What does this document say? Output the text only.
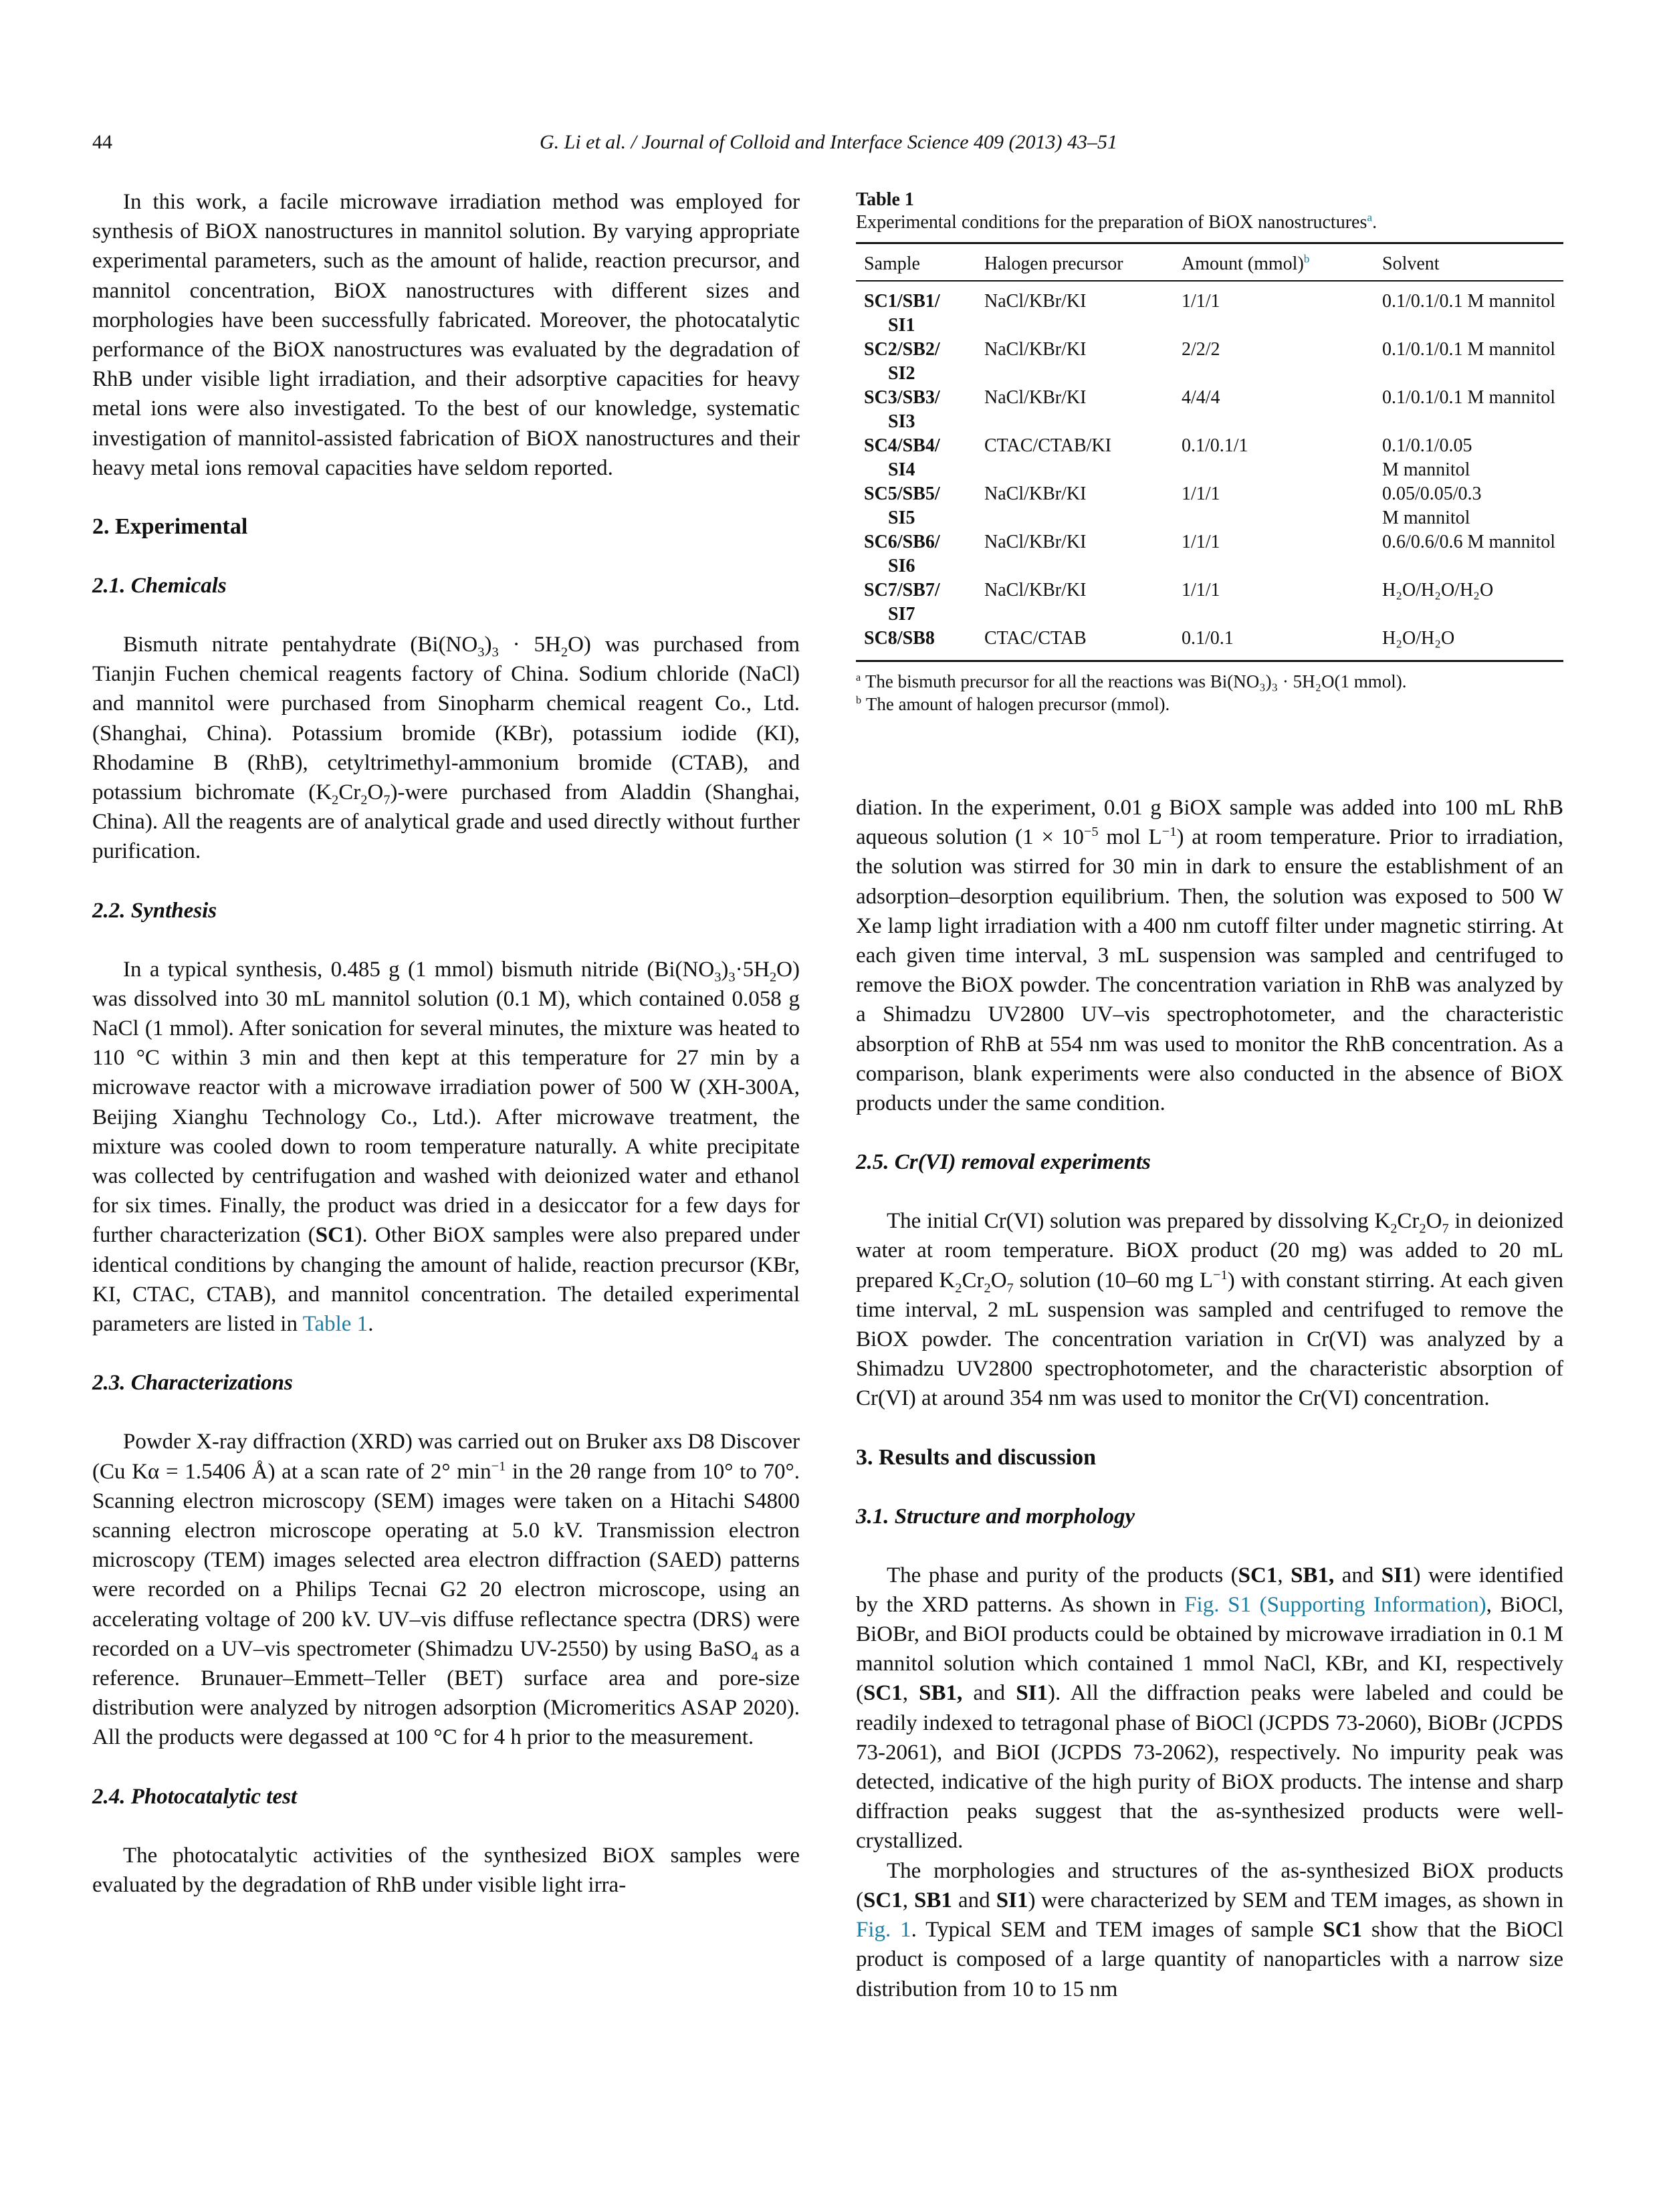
44	G. Li et al. / Journal of Colloid and Interface Science 409 (2013) 43–51

In this work, a facile microwave irradiation method was employed for synthesis of BiOX nanostructures in mannitol solution. By varying appropriate experimental parameters, such as the amount of halide, reaction precursor, and mannitol concentration, BiOX nanostructures with different sizes and morphologies have been successfully fabricated. Moreover, the photocatalytic performance of the BiOX nanostructures was evaluated by the degradation of RhB under visible light irradiation, and their adsorptive capacities for heavy metal ions were also investigated. To the best of our knowledge, systematic investigation of mannitol-assisted fabrication of BiOX nanostructures and their heavy metal ions removal capacities have seldom reported.

2. Experimental
2.1. Chemicals

Bismuth nitrate pentahydrate $(Bi(NO_3)_3 \cdot 5H_2O)$ was purchased from Tianjin Fuchen chemical reagents factory of China. Sodium chloride (NaCl) and mannitol were purchased from Sinopharm chemical reagent Co., Ltd. (Shanghai, China). Potassium bromide (KBr), potassium iodide (KI), Rhodamine B (RhB), cetyltrimethyl-ammonium bromide (CTAB), and potassium bichromate $(K_2Cr_2O_7)$-were purchased from Aladdin (Shanghai, China). All the reagents are of analytical grade and used directly without further purification.

2.2. Synthesis

In a typical synthesis, 0.485 g (1 mmol) bismuth nitride $(Bi(NO_3)_3\cdot 5H_2O)$ was dissolved into 30 mL mannitol solution (0.1 M), which contained 0.058 g NaCl (1 mmol). After sonication for several minutes, the mixture was heated to 110 °C within 3 min and then kept at this temperature for 27 min by a microwave reactor with a microwave irradiation power of 500 W (XH-300A, Beijing Xianghu Technology Co., Ltd.). After microwave treatment, the mixture was cooled down to room temperature naturally. A white precipitate was collected by centrifugation and washed with deionized water and ethanol for six times. Finally, the product was dried in a desiccator for a few days for further characterization (SC1). Other BiOX samples were also prepared under identical conditions by changing the amount of halide, reaction precursor (KBr, KI, CTAC, CTAB), and mannitol concentration. The detailed experimental parameters are listed in Table 1.

2.3. Characterizations

Powder X-ray diffraction (XRD) was carried out on Bruker axs D8 Discover (Cu Kα = 1.5406 Å) at a scan rate of 2° $\min^{-1}$ in the 2θ range from 10° to 70°. Scanning electron microscopy (SEM) images were taken on a Hitachi S4800 scanning electron microscope operating at 5.0 kV. Transmission electron microscopy (TEM) images selected area electron diffraction (SAED) patterns were recorded on a Philips Tecnai G2 20 electron microscope, using an accelerating voltage of 200 kV. UV–vis diffuse reflectance spectra (DRS) were recorded on a UV–vis spectrometer (Shimadzu UV-2550) by using BaSO$_4$ as a reference. Brunauer–Emmett–Teller (BET) surface area and pore-size distribution were analyzed by nitrogen adsorption (Micromeritics ASAP 2020). All the products were degassed at 100 °C for 4 h prior to the measurement.

2.4. Photocatalytic test

The photocatalytic activities of the synthesized BiOX samples were evaluated by the degradation of RhB under visible light irra-

Table 1
Experimental conditions for the preparation of BiOX nanostructures$^a$.
Sample	Halogen precursor	Amount (mmol)$^b$	Solvent
SC1/SB1/
SI1	NaCl/KBr/KI	1/1/1	0.1/0.1/0.1 M mannitol
SC2/SB2/
SI2	NaCl/KBr/KI	2/2/2	0.1/0.1/0.1 M mannitol
SC3/SB3/
SI3	NaCl/KBr/KI	4/4/4	0.1/0.1/0.1 M mannitol
SC4/SB4/
SI4	CTAC/CTAB/KI	0.1/0.1/1	0.1/0.1/0.05 M mannitol
SC5/SB5/
SI5	NaCl/KBr/KI	1/1/1	0.05/0.05/0.3 M mannitol
SC6/SB6/
SI6	NaCl/KBr/KI	1/1/1	0.6/0.6/0.6 M mannitol
SC7/SB7/
SI7	NaCl/KBr/KI	1/1/1	H₂O/H₂O/H₂O
SC8/SB8	CTAC/CTAB	0.1/0.1	H₂O/H₂O
$^a$ The bismuth precursor for all the reactions was Bi(NO₃)₃ · 5H₂O(1 mmol).
$^b$ The amount of halogen precursor (mmol).

diation. In the experiment, 0.01 g BiOX sample was added into 100 mL RhB aqueous solution ($1 \times 10^{-5}$ mol $L^{-1}$) at room temperature. Prior to irradiation, the solution was stirred for 30 min in dark to ensure the establishment of an adsorption–desorption equilibrium. Then, the solution was exposed to 500 W Xe lamp light irradiation with a 400 nm cutoff filter under magnetic stirring. At each given time interval, 3 mL suspension was sampled and centrifuged to remove the BiOX powder. The concentration variation in RhB was analyzed by a Shimadzu UV2800 UV–vis spectrophotometer, and the characteristic absorption of RhB at 554 nm was used to monitor the RhB concentration. As a comparison, blank experiments were also conducted in the absence of BiOX products under the same condition.

2.5. Cr(VI) removal experiments

The initial Cr(VI) solution was prepared by dissolving $K_2Cr_2O_7$ in deionized water at room temperature. BiOX product (20 mg) was added to 20 mL prepared $K_2Cr_2O_7$ solution (10–60 mg $L^{-1}$) with constant stirring. At each given time interval, 2 mL suspension was sampled and centrifuged to remove the BiOX powder. The concentration variation in Cr(VI) was analyzed by a Shimadzu UV2800 spectrophotometer, and the characteristic absorption of Cr(VI) at around 354 nm was used to monitor the Cr(VI) concentration.

3. Results and discussion
3.1. Structure and morphology

The phase and purity of the products (SC1, SB1, and SI1) were identified by the XRD patterns. As shown in Fig. S1 (Supporting Information), BiOCl, BiOBr, and BiOI products could be obtained by microwave irradiation in 0.1 M mannitol solution which contained 1 mmol NaCl, KBr, and KI, respectively (SC1, SB1, and SI1). All the diffraction peaks were labeled and could be readily indexed to tetragonal phase of BiOCl (JCPDS 73-2060), BiOBr (JCPDS 73-2061), and BiOI (JCPDS 73-2062), respectively. No impurity peak was detected, indicative of the high purity of BiOX products. The intense and sharp diffraction peaks suggest that the as-synthesized products were well-crystallized.

The morphologies and structures of the as-synthesized BiOX products (SC1, SB1 and SI1) were characterized by SEM and TEM images, as shown in Fig. 1. Typical SEM and TEM images of sample SC1 show that the BiOCl product is composed of a large quantity of nanoparticles with a narrow size distribution from 10 to 15 nm
